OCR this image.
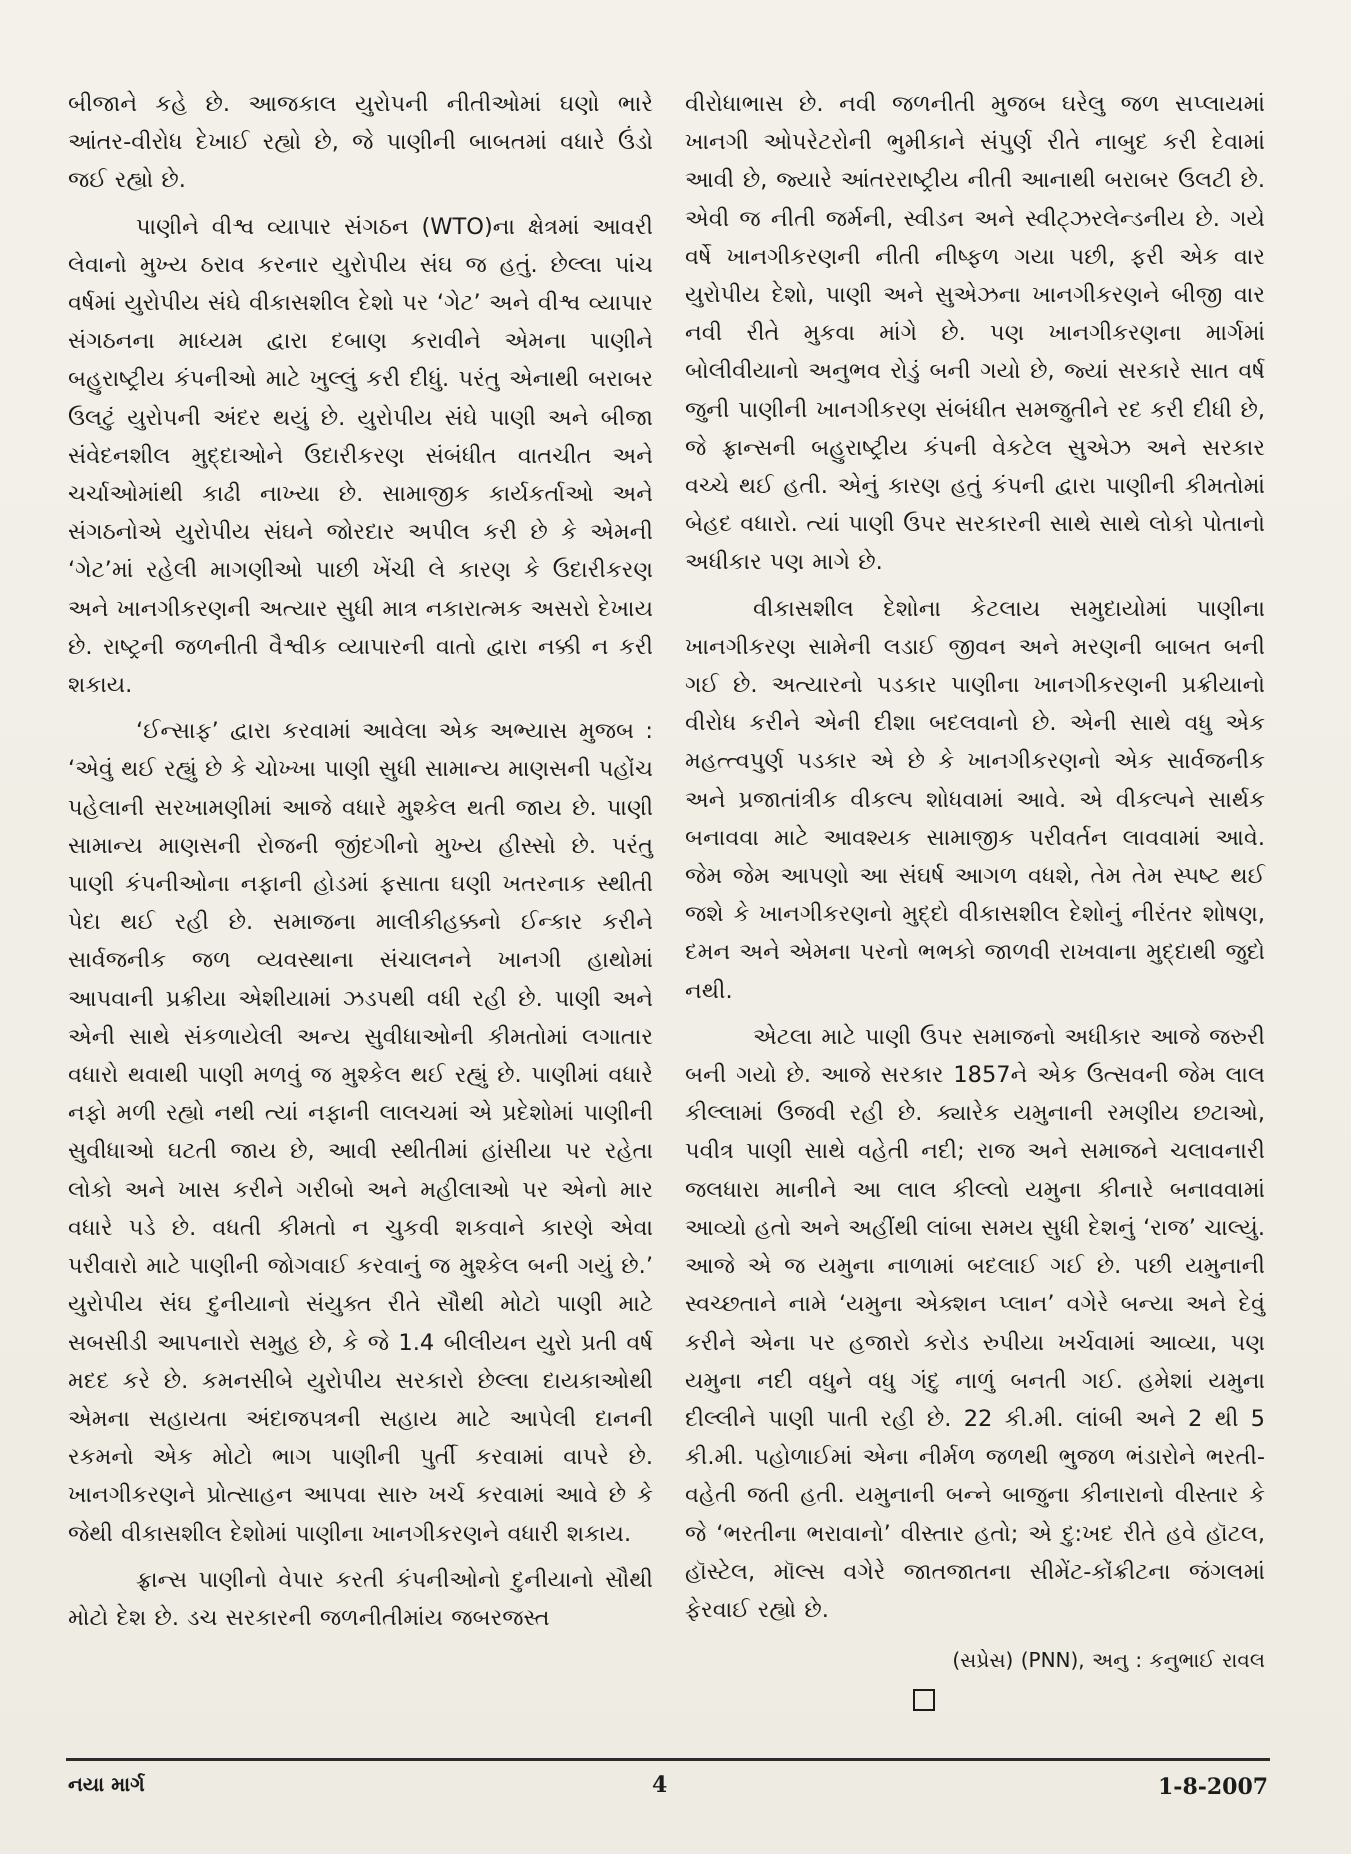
બીજાને કહે છે. આજકાલ યુરોપની નીતીઓમાં ઘણો ભારે આંતર-વીરોધ દેખાઈ રહ્યો છે, જે પાણીની બાબતમાં વધારે ઉંડો જઈ રહ્યો છે.

પાણીને વીશ્વ વ્યાપાર સંગઠન (WTO)ના ક્ષેત્રમાં આવરી લેવાનો મુખ્ય ઠરાવ કરનાર યુરોપીય સંઘ જ હતું. છેલ્લા પાંચ વર્ષમાં યુરોપીય સંઘે વીકાસશીલ દેશો પર ‘ગેટ’ અને વીશ્વ વ્યાપાર સંગઠનના માધ્યમ દ્વારા દબાણ કરાવીને એમના પાણીને બહુરાષ્ટ્રીય કંપનીઓ માટે ખુલ્લું કરી દીધું. પરંતુ એનાથી બરાબર ઉલટું યુરોપની અંદર થયું છે. યુરોપીય સંઘે પાણી અને બીજા સંવેદનશીલ મુદ્દાઓને ઉદારીકરણ સંબંધીત વાતચીત અને ચર્ચાઓમાંથી કાઢી નાખ્યા છે. સામાજીક કાર્યકર્તાઓ અને સંગઠનોએ યુરોપીય સંઘને જોરદાર અપીલ કરી છે કે એમની ‘ગેટ’માં રહેલી માગણીઓ પાછી ખેંચી લે કારણ કે ઉદારીકરણ અને ખાનગીકરણની અત્યાર સુધી માત્ર નકારાત્મક અસરો દેખાય છે. રાષ્ટ્રની જળનીતી વૈશ્વીક વ્યાપારની વાતો દ્વારા નક્કી ન કરી શકાય.

‘ઈન્સાફ’ દ્વારા કરવામાં આવેલા એક અભ્યાસ મુજબ : ‘એવું થઈ રહ્યું છે કે ચોખ્ખા પાણી સુધી સામાન્ય માણસની પહોંચ પહેલાની સરખામણીમાં આજે વધારે મુશ્કેલ થતી જાય છે. પાણી સામાન્ય માણસની રોજની જીંદગીનો મુખ્ય હીસ્સો છે. પરંતુ પાણી કંપનીઓના નફાની હોડમાં ફસાતા ઘણી ખતરનાક સ્થીતી પેદા થઈ રહી છે. સમાજના માલીકીહક્કનો ઈન્કાર કરીને સાર્વજનીક જળ વ્યવસ્થાના સંચાલનને ખાનગી હાથોમાં આપવાની પ્રક્રીયા એશીયામાં ઝડપથી વધી રહી છે. પાણી અને એની સાથે સંકળાયેલી અન્ય સુવીધાઓની કીમતોમાં લગાતાર વધારો થવાથી પાણી મળવું જ મુશ્કેલ થઈ રહ્યું છે. પાણીમાં વધારે નફો મળી રહ્યો નથી ત્યાં નફાની લાલચમાં એ પ્રદેશોમાં પાણીની સુવીધાઓ ઘટતી જાય છે, આવી સ્થીતીમાં હાંસીયા પર રહેતા લોકો અને ખાસ કરીને ગરીબો અને મહીલાઓ પર એનો માર વધારે પડે છે. વધતી કીમતો ન ચુકવી શકવાને કારણે એવા પરીવારો માટે પાણીની જોગવાઈ કરવાનું જ મુશ્કેલ બની ગયું છે.’ યુરોપીય સંઘ દુનીયાનો સંયુક્ત રીતે સૌથી મોટો પાણી માટે સબસીડી આપનારો સમુહ છે, કે જે 1.4 બીલીયન યુરો પ્રતી વર્ષ મદદ કરે છે. કમનસીબે યુરોપીય સરકારો છેલ્લા દાયકાઓથી એમના સહાયતા અંદાજપત્રની સહાય માટે આપેલી દાનની રકમનો એક મોટો ભાગ પાણીની પુર્તી કરવામાં વાપરે છે. ખાનગીકરણને પ્રોત્સાહન આપવા સારુ ખર્ચ કરવામાં આવે છે કે જેથી વીકાસશીલ દેશોમાં પાણીના ખાનગીકરણને વધારી શકાય.

ફ્રાન્સ પાણીનો વેપાર કરતી કંપનીઓનો દુનીયાનો સૌથી મોટો દેશ છે. ડચ સરકારની જળનીતીમાંય જબરજસ્ત

વીરોધાભાસ છે. નવી જળનીતી મુજબ ઘરેલુ જળ સપ્લાયમાં ખાનગી ઓપરેટરોની ભુમીકાને સંપુર્ણ રીતે નાબુદ કરી દેવામાં આવી છે, જ્યારે આંતરરાષ્ટ્રીય નીતી આનાથી બરાબર ઉલટી છે. એવી જ નીતી જર્મની, સ્વીડન અને સ્વીટ્ઝરલેન્ડનીય છે. ગયે વર્ષે ખાનગીકરણની નીતી નીષ્ફળ ગયા પછી, ફરી એક વાર યુરોપીય દેશો, પાણી અને સુએઝના ખાનગીકરણને બીજી વાર નવી રીતે મુકવા માંગે છે. પણ ખાનગીકરણના માર્ગમાં બોલીવીયાનો અનુભવ રોડું બની ગયો છે, જ્યાં સરકારે સાત વર્ષ જુની પાણીની ખાનગીકરણ સંબંધીત સમજુતીને રદ કરી દીધી છે, જે ફ્રાન્સની બહુરાષ્ટ્રીય કંપની વેકટેલ સુએઝ અને સરકાર વચ્ચે થઈ હતી. એનું કારણ હતું કંપની દ્વારા પાણીની કીમતોમાં બેહદ વધારો. ત્યાં પાણી ઉપર સરકારની સાથે સાથે લોકો પોતાનો અધીકાર પણ માગે છે.

વીકાસશીલ દેશોના કેટલાય સમુદાયોમાં પાણીના ખાનગીકરણ સામેની લડાઈ જીવન અને મરણની બાબત બની ગઈ છે. અત્યારનો પડકાર પાણીના ખાનગીકરણની પ્રક્રીયાનો વીરોધ કરીને એની દીશા બદલવાનો છે. એની સાથે વધુ એક મહત્ત્વપુર્ણ પડકાર એ છે કે ખાનગીકરણનો એક સાર્વજનીક અને પ્રજાતાંત્રીક વીકલ્પ શોધવામાં આવે. એ વીકલ્પને સાર્થક બનાવવા માટે આવશ્યક સામાજીક પરીવર્તન લાવવામાં આવે. જેમ જેમ આપણો આ સંઘર્ષ આગળ વધશે, તેમ તેમ સ્પષ્ટ થઈ જશે કે ખાનગીકરણનો મુદ્દો વીકાસશીલ દેશોનું નીરંતર શોષણ, દમન અને એમના પરનો ભભકો જાળવી રાખવાના મુદ્દાથી જુદો નથી.

એટલા માટે પાણી ઉપર સમાજનો અધીકાર આજે જરુરી બની ગયો છે. આજે સરકાર 1857ને એક ઉત્સવની જેમ લાલ કીલ્લામાં ઉજવી રહી છે. ક્યારેક યમુનાની રમણીય છટાઓ, પવીત્ર પાણી સાથે વહેતી નદી; રાજ અને સમાજને ચલાવનારી જલધારા માનીને આ લાલ કીલ્લો યમુના કીનારે બનાવવામાં આવ્યો હતો અને અહીંથી લાંબા સમય સુધી દેશનું ‘રાજ’ ચાલ્યું. આજે એ જ યમુના નાળામાં બદલાઈ ગઈ છે. પછી યમુનાની સ્વચ્છતાને નામે ‘યમુના એક્શન પ્લાન’ વગેરે બન્યા અને દેવું કરીને એના પર હજારો કરોડ રુપીયા ખર્ચવામાં આવ્યા, પણ યમુના નદી વધુને વધુ ગંદુ નાળું બનતી ગઈ. હમેશાં યમુના દીલ્લીને પાણી પાતી રહી છે. 22 કી.મી. લાંબી અને 2 થી 5 કી.મી. પહોળાઈમાં એના નીર્મળ જળથી ભુજળ ભંડારોને ભરતી-વહેતી જતી હતી. યમુનાની બન્ને બાજુના કીનારાનો વીસ્તાર કે જે ‘ભરતીના ભરાવાનો’ વીસ્તાર હતો; એ દુ:ખદ રીતે હવે હૉટલ, હૉસ્ટેલ, મૉલ્સ વગેરે જાતજાતના સીમેંટ-કોંક્રીટના જંગલમાં ફેરવાઈ રહ્યો છે.

(સપ્રેસ) (PNN), અનુ : કનુભાઈ રાવલ
નયા માર્ગ	4	1-8-2007
